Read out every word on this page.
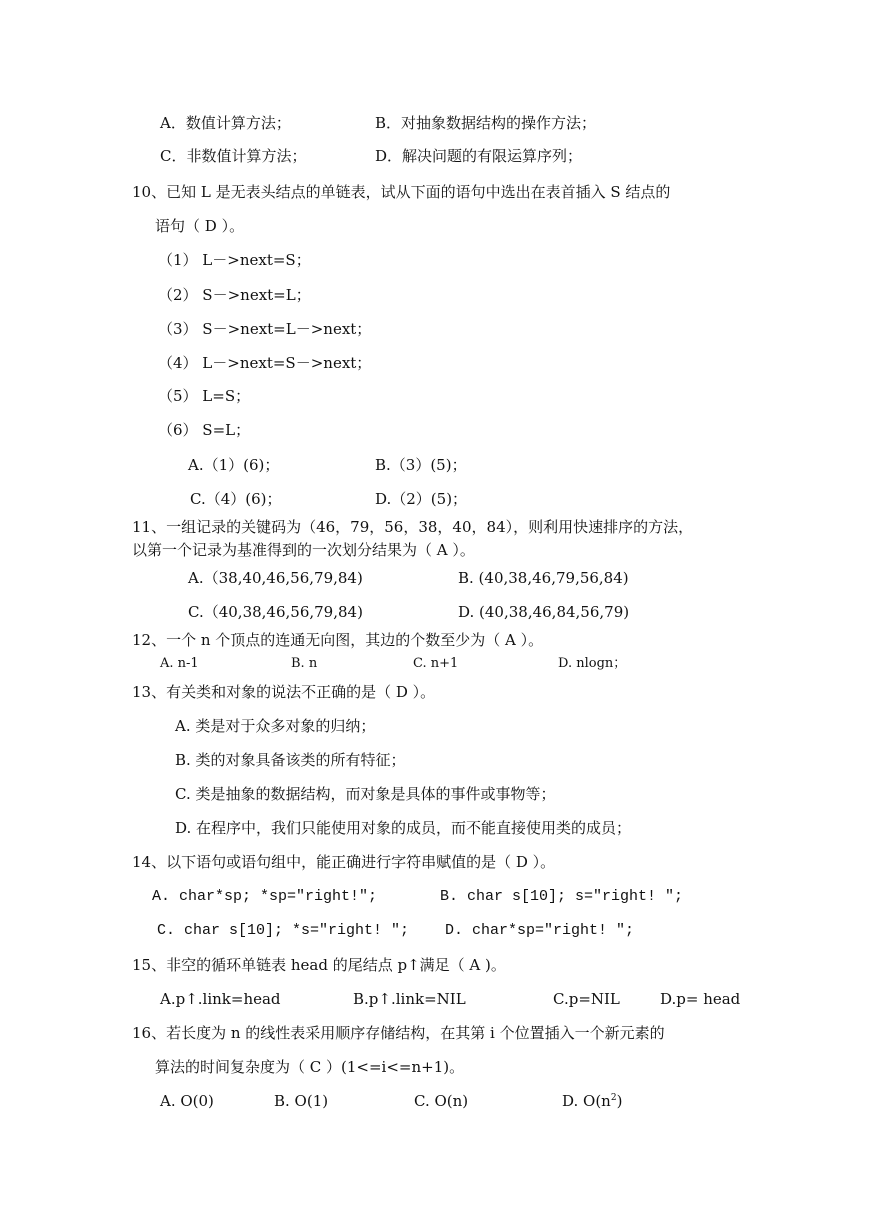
A．数值计算方法；	B．对抽象数据结构的操作方法；
C．非数值计算方法；	D．解决问题的有限运算序列；
10、已知 L 是无表头结点的单链表，试从下面的语句中选出在表首插入 S 结点的
语句（ D ）。
（1） L－>next=S；
（2） S－>next=L；
（3） S－>next=L－>next；
（4） L－>next=S－>next；
（5） L=S；
（6） S=L；
A.（1）(6)；	B.（3）(5)；
C.（4）(6)；	D.（2）(5)；
11、一组记录的关键码为（46，79，56，38，40，84），则利用快速排序的方法，
以第一个记录为基准得到的一次划分结果为（ A ）。
A.（38,40,46,56,79,84)	B. (40,38,46,79,56,84)
C.（40,38,46,56,79,84)	D. (40,38,46,84,56,79)
12、一个 n 个顶点的连通无向图，其边的个数至少为（ A ）。
A. n-1	B. n	C. n+1	D. nlogn；
13、有关类和对象的说法不正确的是（ D ）。
A. 类是对于众多对象的归纳；
B. 类的对象具备该类的所有特征；
C. 类是抽象的数据结构，而对象是具体的事件或事物等；
D. 在程序中，我们只能使用对象的成员，而不能直接使用类的成员；
14、以下语句或语句组中，能正确进行字符串赋值的是（ D ）。
A. char*sp; *sp="right!";	B. char s[10]; s="right! ";
C. char s[10]; *s="right! "; D. char*sp="right! ";
15、非空的循环单链表 head 的尾结点 p↑满足（ A )。
A.p↑.link=head	B.p↑.link=NIL	C.p=NIL	D.p= head
16、若长度为 n 的线性表采用顺序存储结构，在其第 i 个位置插入一个新元素的
算法的时间复杂度为（ C ）(1<=i<=n+1)。
A. O(0)	B. O(1)	C. O(n)	D. $O(n^2)$
